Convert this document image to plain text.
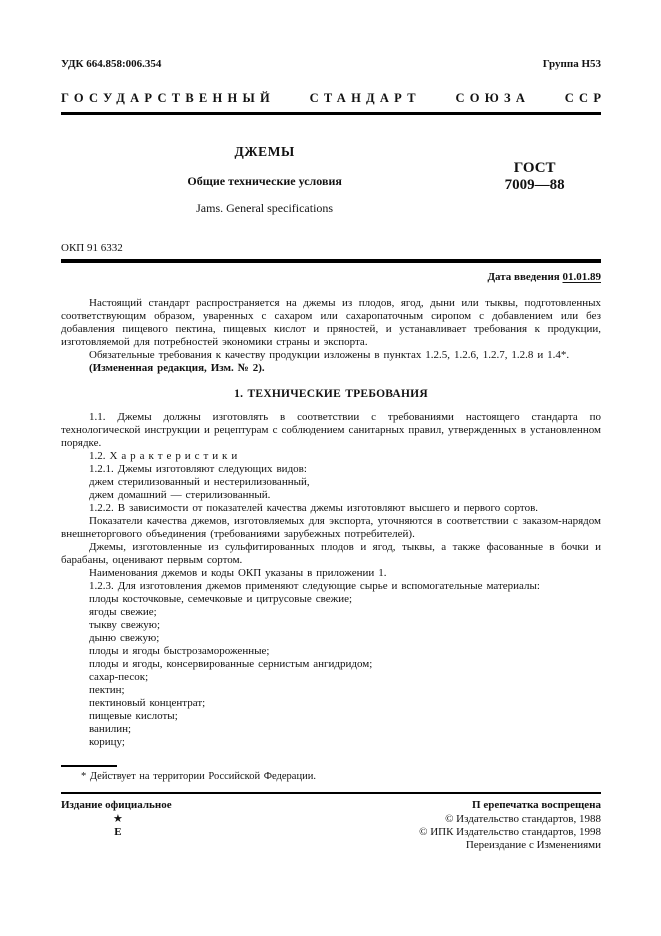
УДК 664.858:006.354	Группа Н53
ГОСУДАРСТВЕННЫЙ	СТАНДАРТ	СОЮЗА	ССР
ДЖЕМЫ
Общие технические условия
Jams. General specifications
ГОСТ
7009—88
ОКП 91 6332
Дата введения 01.01.89

Настоящий стандарт распространяется на джемы из плодов, ягод, дыни или тыквы, подготовленных соответствующим образом, уваренных с сахаром или сахаропаточным сиропом с добавлением или без добавления пищевого пектина, пищевых кислот и пряностей, и устанавливает требования к продукции, изготовляемой для потребностей экономики страны и экспорта.

Обязательные требования к качеству продукции изложены в пунктах 1.2.5, 1.2.6, 1.2.7, 1.2.8 и 1.4*.

(Измененная редакция, Изм. № 2).

1. ТЕХНИЧЕСКИЕ ТРЕБОВАНИЯ

1.1. Джемы должны изготовлять в соответствии с требованиями настоящего стандарта по технологической инструкции и рецептурам с соблюдением санитарных правил, утвержденных в установленном порядке.

1.2. Х а р а к т е р и с т и к и

1.2.1. Джемы изготовляют следующих видов:

джем стерилизованный и нестерилизованный,

джем домашний — стерилизованный.

1.2.2. В зависимости от показателей качества джемы изготовляют высшего и первого сортов.

Показатели качества джемов, изготовляемых для экспорта, уточняются в соответствии с заказом-нарядом внешнеторгового объединения (требованиями зарубежных потребителей).

Джемы, изготовленные из сульфитированных плодов и ягод, тыквы, а также фасованные в бочки и барабаны, оценивают первым сортом.

Наименования джемов и коды ОКП указаны в приложении 1.

1.2.3. Для изготовления джемов применяют следующие сырье и вспомогательные материалы:

плоды косточковые, семечковые и цитрусовые свежие;

ягоды свежие;

тыкву свежую;

дыню свежую;

плоды и ягоды быстрозамороженные;

плоды и ягоды, консервированные сернистым ангидридом;

сахар-песок;

пектин;

пектиновый концентрат;

пищевые кислоты;

ванилин;

корицу;

* Действует на территории Российской Федерации.

Издание официальное	П ерепечатка воспрещена
★
Е
© Издательство стандартов, 1988
© ИПК Издательство стандартов, 1998
Переиздание с Изменениями
